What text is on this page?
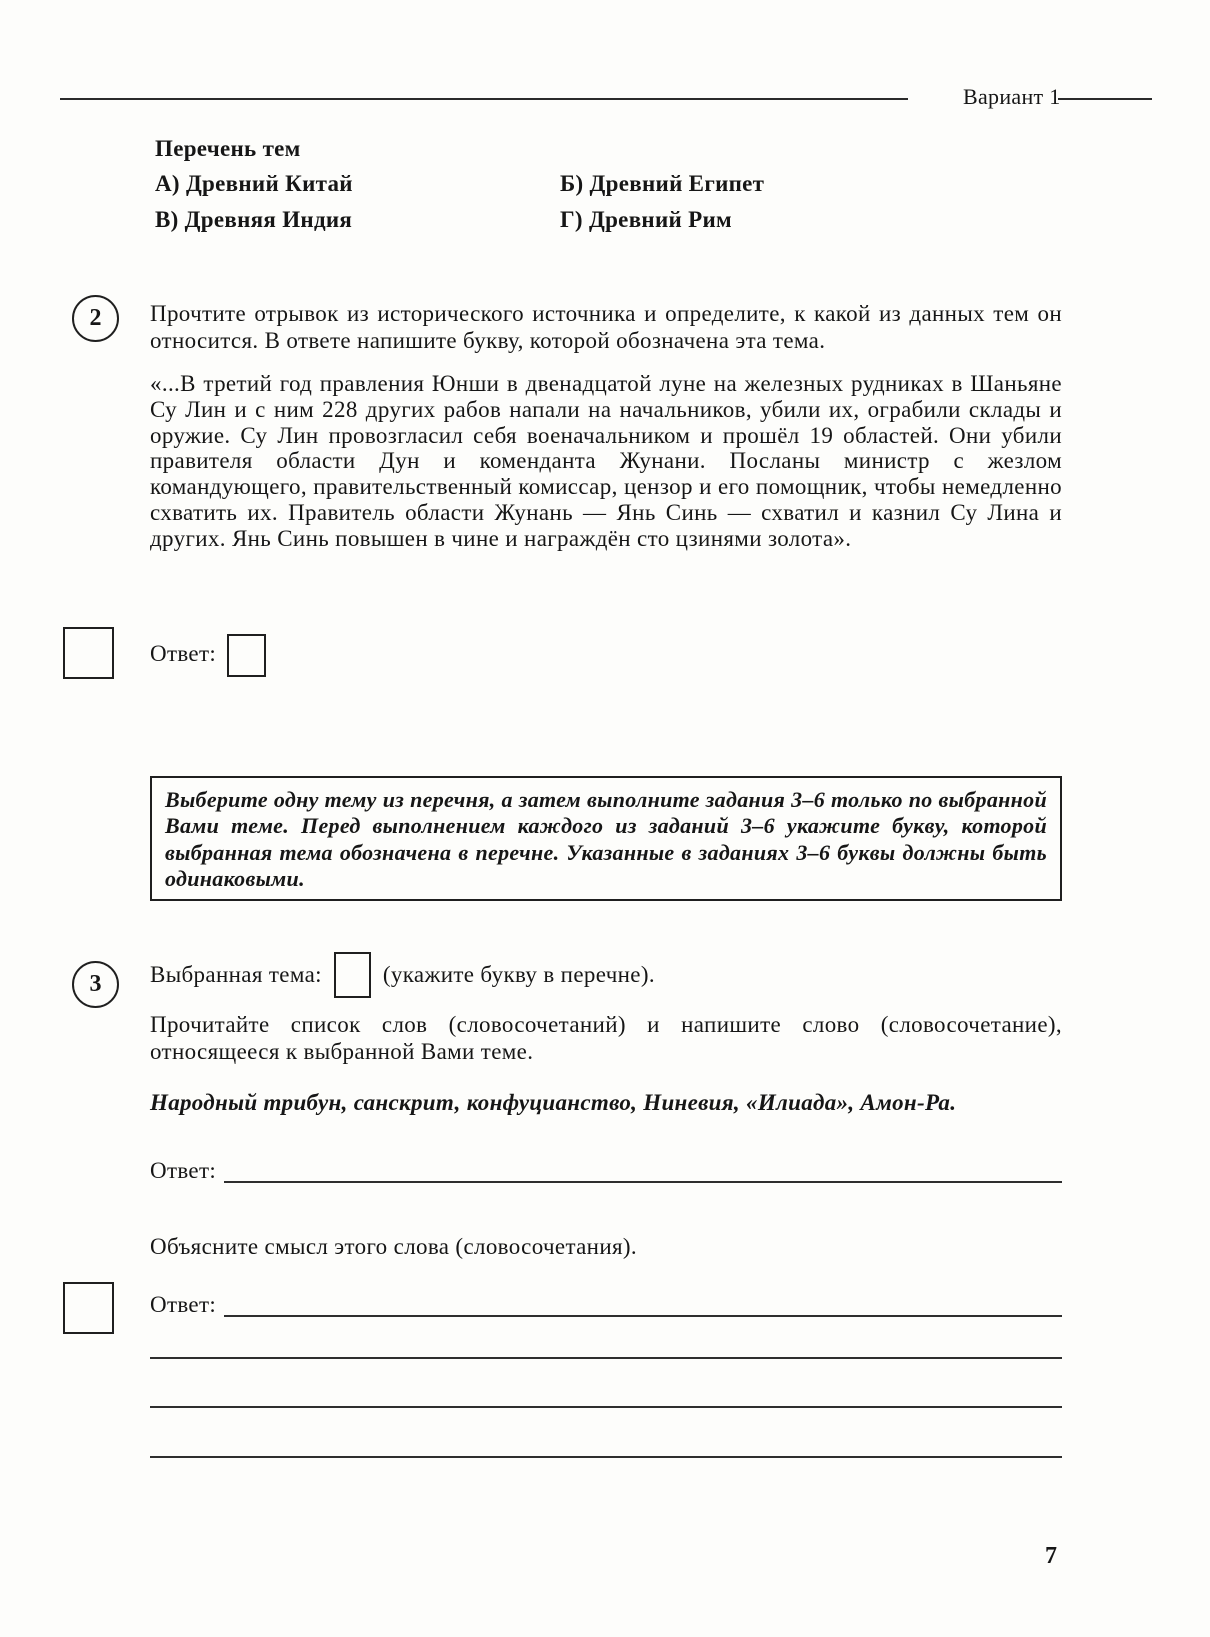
Вариант 1
Перечень тем
А) Древний Китай	Б) Древний Египет
В) Древняя Индия	Г) Древний Рим
2 Прочтите отрывок из исторического источника и определите, к какой из данных тем он относится. В ответе напишите букву, которой обозначена эта тема.
«...В третий год правления Юнши в двенадцатой луне на железных рудниках в Шаньяне Су Лин и с ним 228 других рабов напали на начальников, убили их, ограбили склады и оружие. Су Лин провозгласил себя военачальником и прошёл 19 областей. Они убили правителя области Дун и коменданта Жунани. Посланы министр с жезлом командующего, правительственный комиссар, цензор и его помощник, чтобы немедленно схватить их. Правитель области Жунань — Янь Синь — схватил и казнил Су Лина и других. Янь Синь повышен в чине и награждён сто цзинями золота».
Ответ:
Выберите одну тему из перечня, а затем выполните задания 3–6 только по выбранной Вами теме. Перед выполнением каждого из заданий 3–6 укажите букву, которой выбранная тема обозначена в перечне. Указанные в заданиях 3–6 буквы должны быть одинаковыми.
3 Выбранная тема:	(укажите букву в перечне).
Прочитайте список слов (словосочетаний) и напишите слово (словосочетание), относящееся к выбранной Вами теме.
Народный трибун, санскрит, конфуцианство, Ниневия, «Илиада», Амон-Ра.
Ответ:
Объясните смысл этого слова (словосочетания).
Ответ:
7
